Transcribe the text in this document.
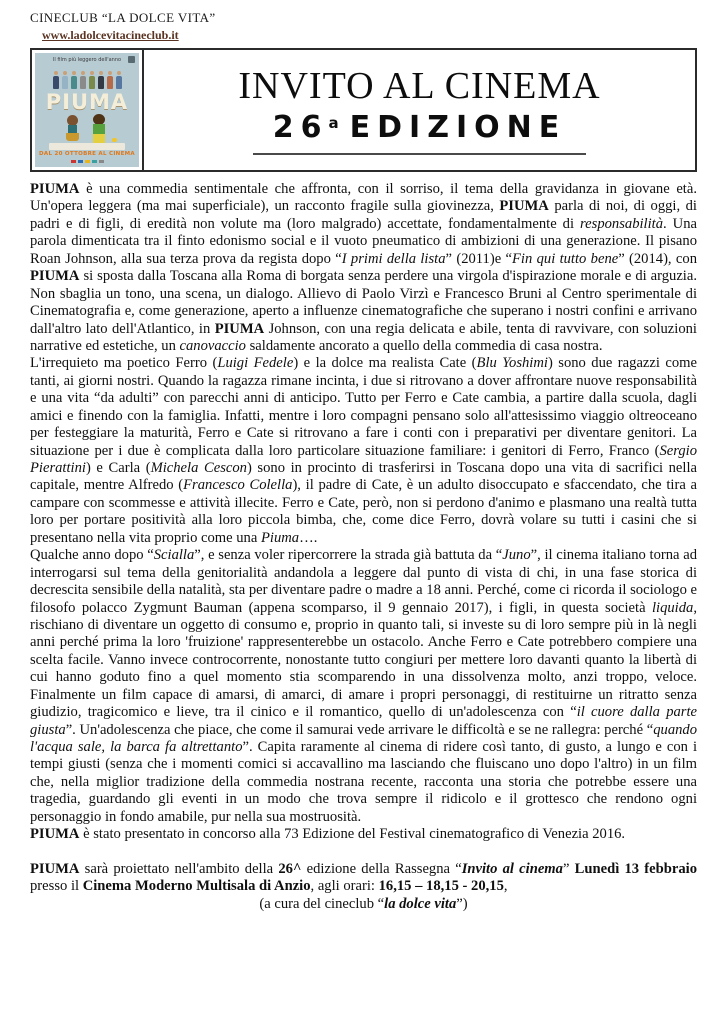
CINECLUB “LA DOLCE VITA”
www.ladolcevitacineclub.it
Il film più leggero dell'anno
PIUMA
DAL 20 OTTOBRE AL CINEMA
INVITO AL CINEMA
26$^a$ EDIZIONE

PIUMA è una commedia sentimentale che affronta, con il sorriso, il tema della gravidanza in giovane età. Un'opera leggera (ma mai superficiale), un racconto fragile sulla giovinezza, PIUMA parla di noi, di oggi, di padri e di figli, di eredità non volute ma (loro malgrado) accettate, fondamentalmente di responsabilità. Una parola dimenticata tra il finto edonismo social e il vuoto pneumatico di ambizioni di una generazione. Il pisano Roan Johnson, alla sua terza prova da regista dopo “I primi della lista” (2011)e “Fin qui tutto bene” (2014), con PIUMA si sposta dalla Toscana alla Roma di borgata senza perdere una virgola d'ispirazione morale e di arguzia. Non sbaglia un tono, una scena, un dialogo. Allievo di Paolo Virzì e Francesco Bruni al Centro sperimentale di Cinematografia e, come generazione, aperto a influenze cinematografiche che superano i nostri confini e arrivano dall'altro lato dell'Atlantico, in PIUMA Johnson, con una regia delicata e abile, tenta di ravvivare, con soluzioni narrative ed estetiche, un canovaccio saldamente ancorato a quello della commedia di casa nostra.

L'irrequieto ma poetico Ferro (Luigi Fedele) e la dolce ma realista Cate (Blu Yoshimi) sono due ragazzi come tanti, ai giorni nostri. Quando la ragazza rimane incinta, i due si ritrovano a dover affrontare nuove responsabilità e una vita “da adulti” con parecchi anni di anticipo. Tutto per Ferro e Cate cambia, a partire dalla scuola, dagli amici e finendo con la famiglia. Infatti, mentre i loro compagni pensano solo all'attesissimo viaggio oltreoceano per festeggiare la maturità, Ferro e Cate si ritrovano a fare i conti con i preparativi per diventare genitori. La situazione per i due è complicata dalla loro particolare situazione familiare: i genitori di Ferro, Franco (Sergio Pierattini) e Carla (Michela Cescon) sono in procinto di trasferirsi in Toscana dopo una vita di sacrifici nella capitale, mentre Alfredo (Francesco Colella), il padre di Cate, è un adulto disoccupato e sfaccendato, che tira a campare con scommesse e attività illecite. Ferro e Cate, però, non si perdono d'animo e plasmano una realtà tutta loro per portare positività alla loro piccola bimba, che, come dice Ferro, dovrà volare su tutti i casini che si presentano nella vita proprio come una Piuma….

Qualche anno dopo “Scialla”, e senza voler ripercorrere la strada già battuta da “Juno”, il cinema italiano torna ad interrogarsi sul tema della genitorialità andandola a leggere dal punto di vista di chi, in una fase storica di decrescita sensibile della natalità, sta per diventare padre o madre a 18 anni. Perché, come ci ricorda il sociologo e filosofo polacco Zygmunt Bauman (appena scomparso, il 9 gennaio 2017), i figli, in questa società liquida, rischiano di diventare un oggetto di consumo e, proprio in quanto tali, si investe su di loro sempre più in là negli anni perché prima la loro 'fruizione' rappresenterebbe un ostacolo. Anche Ferro e Cate potrebbero compiere una scelta facile. Vanno invece controcorrente, nonostante tutto congiuri per mettere loro davanti quanto la libertà di cui hanno goduto fino a quel momento stia scomparendo in una dissolvenza molto, anzi troppo, veloce. Finalmente un film capace di amarsi, di amarci, di amare i propri personaggi, di restituirne un ritratto senza giudizio, tragicomico e lieve, tra il cinico e il romantico, quello di un'adolescenza con “il cuore dalla parte giusta”. Un'adolescenza che piace, che come il samurai vede arrivare le difficoltà e se ne rallegra: perché “quando l'acqua sale, la barca fa altrettanto”. Capita raramente al cinema di ridere così tanto, di gusto, a lungo e con i tempi giusti (senza che i momenti comici si accavallino ma lasciando che fluiscano uno dopo l'altro) in un film che, nella miglior tradizione della commedia nostrana recente, racconta una storia che potrebbe essere una tragedia, guardando gli eventi in un modo che trova sempre il ridicolo e il grottesco che rendono ogni personaggio in fondo amabile, pur nella sua mostruosità.

PIUMA è stato presentato in concorso alla 73 Edizione del Festival cinematografico di Venezia 2016.

PIUMA sarà proiettato nell'ambito della 26^ edizione della Rassegna “Invito al cinema” Lunedì 13 febbraio presso il Cinema Moderno Multisala di Anzio, agli orari: 16,15 – 18,15 - 20,15,

(a cura del cineclub “la dolce vita”)
